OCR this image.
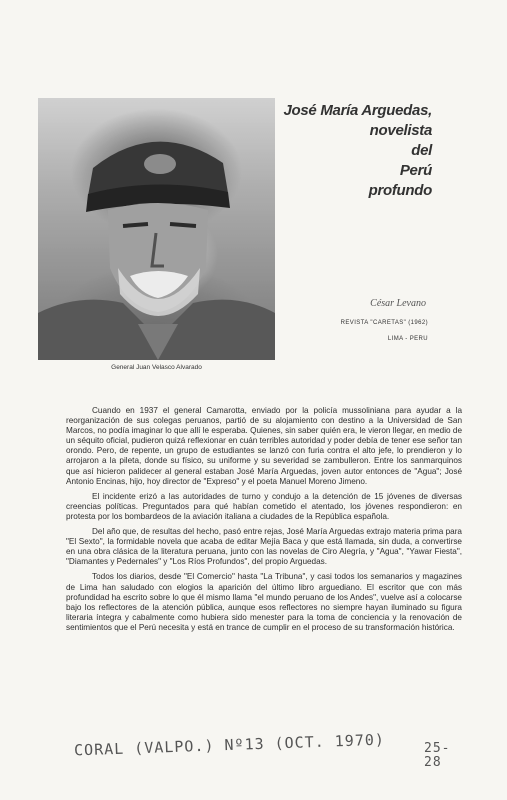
General Juan Velasco Alvarado
José María Arguedas,
novelista
del
Perú
profundo
César Levano
REVISTA "CARETAS" (1962)
LIMA - PERU

Cuando en 1937 el general Camarotta, enviado por la policía mussoliniana para ayudar a la reorganización de sus colegas peruanos, partió de su alojamiento con destino a la Universidad de San Marcos, no podía imaginar lo que allí le esperaba. Quienes, sin saber quién era, le vieron llegar, en medio de un séquito oficial, pudieron quizá reflexionar en cuán terribles autoridad y poder debía de tener ese señor tan orondo. Pero, de repente, un grupo de estudiantes se lanzó con furia contra el alto jefe, lo prendieron y lo arrojaron a la pileta, donde su físico, su uniforme y su severidad se zambulleron. Entre los sanmarquinos que así hicieron palidecer al general estaban José María Arguedas, joven autor entonces de "Agua"; José Antonio Encinas, hijo, hoy director de "Expreso" y el poeta Manuel Moreno Jimeno.

El incidente erizó a las autoridades de turno y condujo a la detención de 15 jóvenes de diversas creencias políticas. Preguntados para qué habían cometido el atentado, los jóvenes respondieron: en protesta por los bombardeos de la aviación italiana a ciudades de la República española.

Del año que, de resultas del hecho, pasó entre rejas, José María Arguedas extrajo materia prima para "El Sexto", la formidable novela que acaba de editar Mejía Baca y que está llamada, sin duda, a convertirse en una obra clásica de la literatura peruana, junto con las novelas de Ciro Alegría, y "Agua", "Yawar Fiesta", "Diamantes y Pedernales" y "Los Ríos Profundos", del propio Arguedas.

Todos los diarios, desde "El Comercio" hasta "La Tribuna", y casi todos los semanarios y magazines de Lima han saludado con elogios la aparición del último libro arguediano. El escritor que con más profundidad ha escrito sobre lo que él mismo llama "el mundo peruano de los Andes", vuelve así a colocarse bajo los reflectores de la atención pública, aunque esos reflectores no siempre hayan iluminado su figura literaria íntegra y cabalmente como hubiera sido menester para la toma de conciencia y la renovación de sentimientos que el Perú necesita y está en trance de cumplir en el proceso de su transformación histórica.

CORAL (VALPO.) Nº13 (OCT. 1970)	25-
28
